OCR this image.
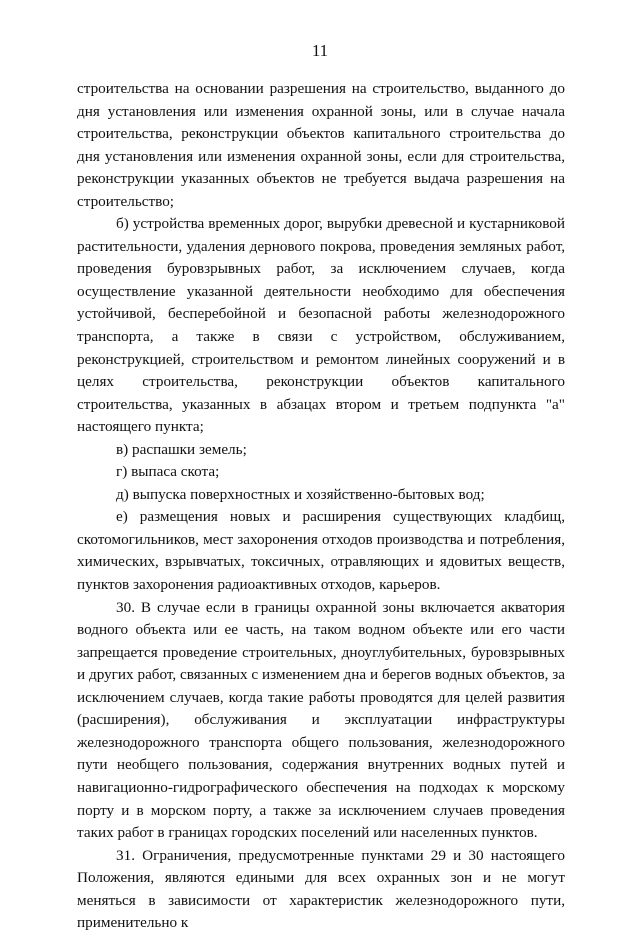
11

строительства на основании разрешения на строительство, выданного до дня установления или изменения охранной зоны, или в случае начала строительства, реконструкции объектов капитального строительства до дня установления или изменения охранной зоны, если для строительства, реконструкции указанных объектов не требуется выдача разрешения на строительство;

б) устройства временных дорог, вырубки древесной и кустарниковой растительности, удаления дернового покрова, проведения земляных работ, проведения буровзрывных работ, за исключением случаев, когда осуществление указанной деятельности необходимо для обеспечения устойчивой, бесперебойной и безопасной работы железнодорожного транспорта, а также в связи с устройством, обслуживанием, реконструкцией, строительством и ремонтом линейных сооружений и в целях строительства, реконструкции объектов капитального строительства, указанных в абзацах втором и третьем подпункта "а" настоящего пункта;

в) распашки земель;

г) выпаса скота;

д) выпуска поверхностных и хозяйственно-бытовых вод;

е) размещения новых и расширения существующих кладбищ, скотомогильников, мест захоронения отходов производства и потребления, химических, взрывчатых, токсичных, отравляющих и ядовитых веществ, пунктов захоронения радиоактивных отходов, карьеров.

30. В случае если в границы охранной зоны включается акватория водного объекта или ее часть, на таком водном объекте или его части запрещается проведение строительных, дноуглубительных, буровзрывных и других работ, связанных с изменением дна и берегов водных объектов, за исключением случаев, когда такие работы проводятся для целей развития (расширения), обслуживания и эксплуатации инфраструктуры железнодорожного транспорта общего пользования, железнодорожного пути необщего пользования, содержания внутренних водных путей и навигационно-гидрографического обеспечения на подходах к морскому порту и в морском порту, а также за исключением случаев проведения таких работ в границах городских поселений или населенных пунктов.

31. Ограничения, предусмотренные пунктами 29 и 30 настоящего Положения, являются едиными для всех охранных зон и не могут меняться в зависимости от характеристик железнодорожного пути, применительно к
